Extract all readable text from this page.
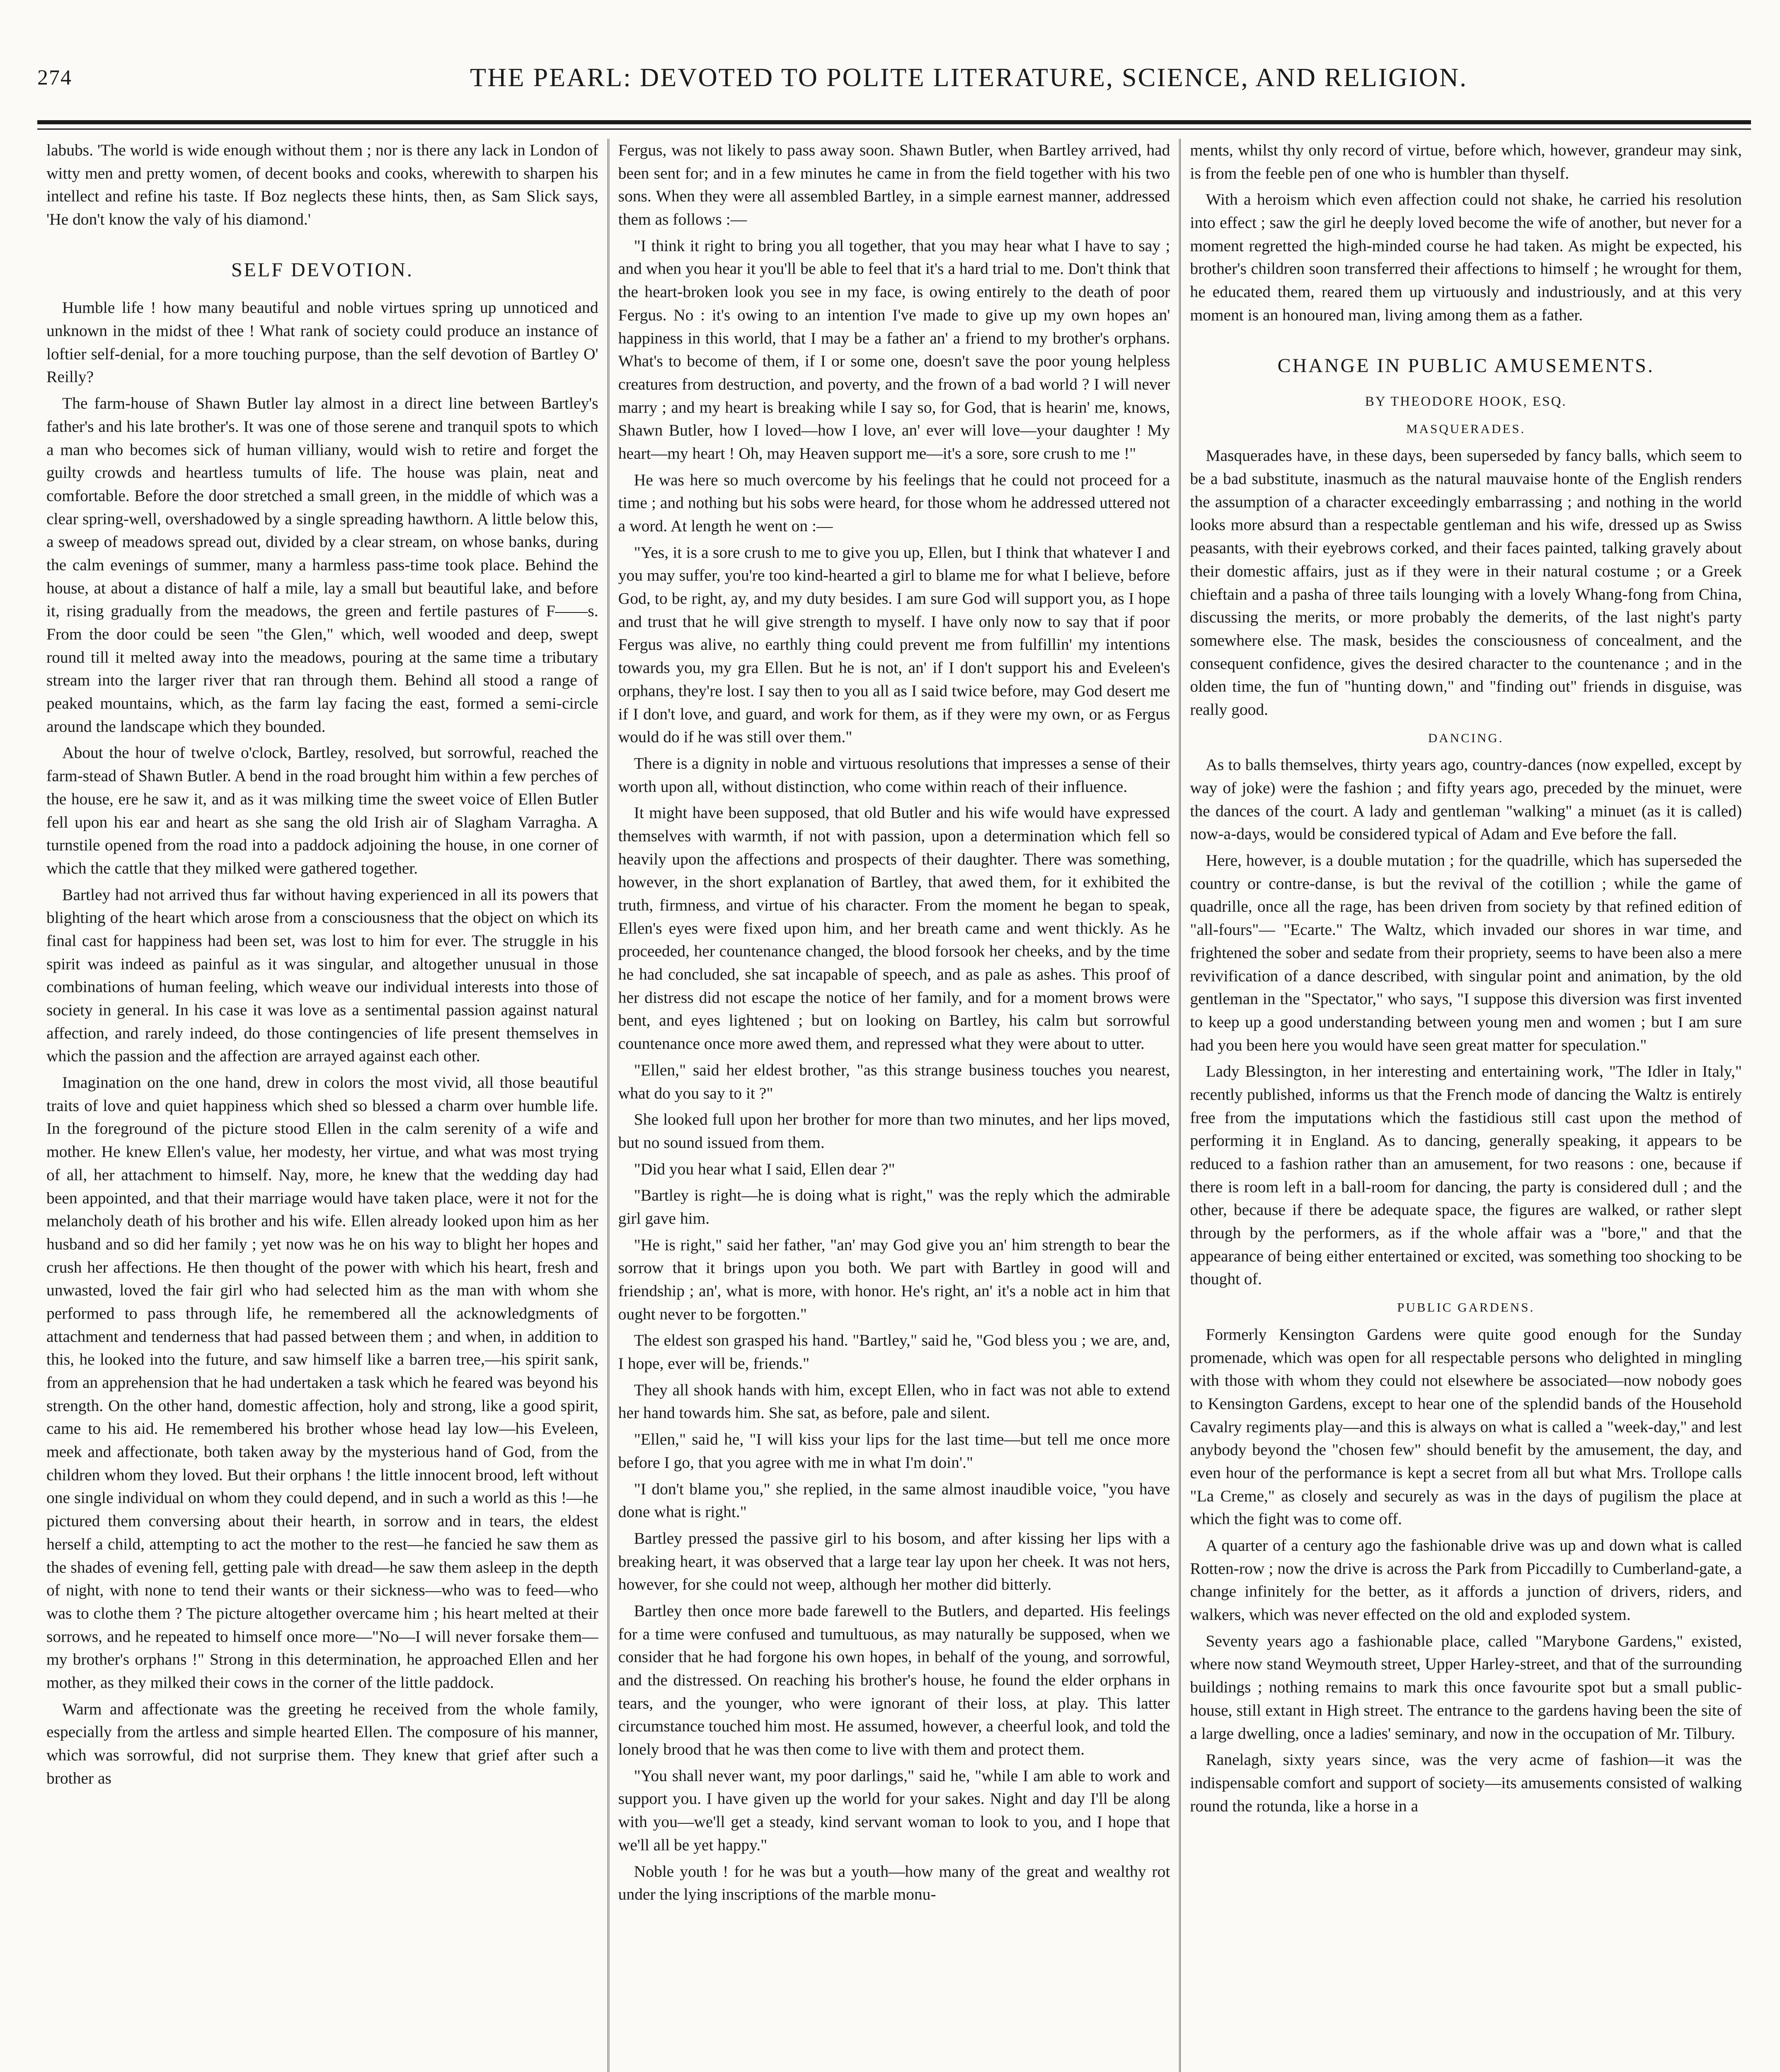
274	THE PEARL: DEVOTED TO POLITE LITERATURE, SCIENCE, AND RELIGION.

labubs. 'The world is wide enough without them ; nor is there any lack in London of witty men and pretty women, of decent books and cooks, wherewith to sharpen his intellect and refine his taste. If Boz neglects these hints, then, as Sam Slick says, 'He don't know the valy of his diamond.'

SELF DEVOTION.

Humble life ! how many beautiful and noble virtues spring up unnoticed and unknown in the midst of thee ! What rank of society could produce an instance of loftier self-denial, for a more touching purpose, than the self devotion of Bartley O' Reilly?

The farm-house of Shawn Butler lay almost in a direct line between Bartley's father's and his late brother's. It was one of those serene and tranquil spots to which a man who becomes sick of human villiany, would wish to retire and forget the guilty crowds and heartless tumults of life. The house was plain, neat and comfortable. Before the door stretched a small green, in the middle of which was a clear spring-well, overshadowed by a single spreading hawthorn. A little below this, a sweep of meadows spread out, divided by a clear stream, on whose banks, during the calm evenings of summer, many a harmless pass-time took place. Behind the house, at about a distance of half a mile, lay a small but beautiful lake, and before it, rising gradually from the meadows, the green and fertile pastures of F——s. From the door could be seen "the Glen," which, well wooded and deep, swept round till it melted away into the meadows, pouring at the same time a tributary stream into the larger river that ran through them. Behind all stood a range of peaked mountains, which, as the farm lay facing the east, formed a semi-circle around the landscape which they bounded.

About the hour of twelve o'clock, Bartley, resolved, but sorrowful, reached the farm-stead of Shawn Butler. A bend in the road brought him within a few perches of the house, ere he saw it, and as it was milking time the sweet voice of Ellen Butler fell upon his ear and heart as she sang the old Irish air of Slagham Varragha. A turnstile opened from the road into a paddock adjoining the house, in one corner of which the cattle that they milked were gathered together.

Bartley had not arrived thus far without having experienced in all its powers that blighting of the heart which arose from a consciousness that the object on which its final cast for happiness had been set, was lost to him for ever. The struggle in his spirit was indeed as painful as it was singular, and altogether unusual in those combinations of human feeling, which weave our individual interests into those of society in general. In his case it was love as a sentimental passion against natural affection, and rarely indeed, do those contingencies of life present themselves in which the passion and the affection are arrayed against each other.

Imagination on the one hand, drew in colors the most vivid, all those beautiful traits of love and quiet happiness which shed so blessed a charm over humble life. In the foreground of the picture stood Ellen in the calm serenity of a wife and mother. He knew Ellen's value, her modesty, her virtue, and what was most trying of all, her attachment to himself. Nay, more, he knew that the wedding day had been appointed, and that their marriage would have taken place, were it not for the melancholy death of his brother and his wife. Ellen already looked upon him as her husband and so did her family ; yet now was he on his way to blight her hopes and crush her affections. He then thought of the power with which his heart, fresh and unwasted, loved the fair girl who had selected him as the man with whom she performed to pass through life, he remembered all the acknowledgments of attachment and tenderness that had passed between them ; and when, in addition to this, he looked into the future, and saw himself like a barren tree,—his spirit sank, from an apprehension that he had undertaken a task which he feared was beyond his strength. On the other hand, domestic affection, holy and strong, like a good spirit, came to his aid. He remembered his brother whose head lay low—his Eveleen, meek and affectionate, both taken away by the mysterious hand of God, from the children whom they loved. But their orphans ! the little innocent brood, left without one single individual on whom they could depend, and in such a world as this !—he pictured them conversing about their hearth, in sorrow and in tears, the eldest herself a child, attempting to act the mother to the rest—he fancied he saw them as the shades of evening fell, getting pale with dread—he saw them asleep in the depth of night, with none to tend their wants or their sickness—who was to feed—who was to clothe them ? The picture altogether overcame him ; his heart melted at their sorrows, and he repeated to himself once more—"No—I will never forsake them—my brother's orphans !" Strong in this determination, he approached Ellen and her mother, as they milked their cows in the corner of the little paddock.

Warm and affectionate was the greeting he received from the whole family, especially from the artless and simple hearted Ellen. The composure of his manner, which was sorrowful, did not surprise them. They knew that grief after such a brother as

Fergus, was not likely to pass away soon. Shawn Butler, when Bartley arrived, had been sent for; and in a few minutes he came in from the field together with his two sons. When they were all assembled Bartley, in a simple earnest manner, addressed them as follows :—

"I think it right to bring you all together, that you may hear what I have to say ; and when you hear it you'll be able to feel that it's a hard trial to me. Don't think that the heart-broken look you see in my face, is owing entirely to the death of poor Fergus. No : it's owing to an intention I've made to give up my own hopes an' happiness in this world, that I may be a father an' a friend to my brother's orphans. What's to become of them, if I or some one, doesn't save the poor young helpless creatures from destruction, and poverty, and the frown of a bad world ? I will never marry ; and my heart is breaking while I say so, for God, that is hearin' me, knows, Shawn Butler, how I loved—how I love, an' ever will love—your daughter ! My heart—my heart ! Oh, may Heaven support me—it's a sore, sore crush to me !"

He was here so much overcome by his feelings that he could not proceed for a time ; and nothing but his sobs were heard, for those whom he addressed uttered not a word. At length he went on :—

"Yes, it is a sore crush to me to give you up, Ellen, but I think that whatever I and you may suffer, you're too kind-hearted a girl to blame me for what I believe, before God, to be right, ay, and my duty besides. I am sure God will support you, as I hope and trust that he will give strength to myself. I have only now to say that if poor Fergus was alive, no earthly thing could prevent me from fulfillin' my intentions towards you, my gra Ellen. But he is not, an' if I don't support his and Eveleen's orphans, they're lost. I say then to you all as I said twice before, may God desert me if I don't love, and guard, and work for them, as if they were my own, or as Fergus would do if he was still over them."

There is a dignity in noble and virtuous resolutions that impresses a sense of their worth upon all, without distinction, who come within reach of their influence.

It might have been supposed, that old Butler and his wife would have expressed themselves with warmth, if not with passion, upon a determination which fell so heavily upon the affections and prospects of their daughter. There was something, however, in the short explanation of Bartley, that awed them, for it exhibited the truth, firmness, and virtue of his character. From the moment he began to speak, Ellen's eyes were fixed upon him, and her breath came and went thickly. As he proceeded, her countenance changed, the blood forsook her cheeks, and by the time he had concluded, she sat incapable of speech, and as pale as ashes. This proof of her distress did not escape the notice of her family, and for a moment brows were bent, and eyes lightened ; but on looking on Bartley, his calm but sorrowful countenance once more awed them, and repressed what they were about to utter.

"Ellen," said her eldest brother, "as this strange business touches you nearest, what do you say to it ?"

She looked full upon her brother for more than two minutes, and her lips moved, but no sound issued from them.

"Did you hear what I said, Ellen dear ?"

"Bartley is right—he is doing what is right," was the reply which the admirable girl gave him.

"He is right," said her father, "an' may God give you an' him strength to bear the sorrow that it brings upon you both. We part with Bartley in good will and friendship ; an', what is more, with honor. He's right, an' it's a noble act in him that ought never to be forgotten."

The eldest son grasped his hand. "Bartley," said he, "God bless you ; we are, and, I hope, ever will be, friends."

They all shook hands with him, except Ellen, who in fact was not able to extend her hand towards him. She sat, as before, pale and silent.

"Ellen," said he, "I will kiss your lips for the last time—but tell me once more before I go, that you agree with me in what I'm doin'."

"I don't blame you," she replied, in the same almost inaudible voice, "you have done what is right."

Bartley pressed the passive girl to his bosom, and after kissing her lips with a breaking heart, it was observed that a large tear lay upon her cheek. It was not hers, however, for she could not weep, although her mother did bitterly.

Bartley then once more bade farewell to the Butlers, and departed. His feelings for a time were confused and tumultuous, as may naturally be supposed, when we consider that he had forgone his own hopes, in behalf of the young, and sorrowful, and the distressed. On reaching his brother's house, he found the elder orphans in tears, and the younger, who were ignorant of their loss, at play. This latter circumstance touched him most. He assumed, however, a cheerful look, and told the lonely brood that he was then come to live with them and protect them.

"You shall never want, my poor darlings," said he, "while I am able to work and support you. I have given up the world for your sakes. Night and day I'll be along with you—we'll get a steady, kind servant woman to look to you, and I hope that we'll all be yet happy."

Noble youth ! for he was but a youth—how many of the great and wealthy rot under the lying inscriptions of the marble monu-

ments, whilst thy only record of virtue, before which, however, grandeur may sink, is from the feeble pen of one who is humbler than thyself.

With a heroism which even affection could not shake, he carried his resolution into effect ; saw the girl he deeply loved become the wife of another, but never for a moment regretted the high-minded course he had taken. As might be expected, his brother's children soon transferred their affections to himself ; he wrought for them, he educated them, reared them up virtuously and industriously, and at this very moment is an honoured man, living among them as a father.

CHANGE IN PUBLIC AMUSEMENTS.
BY THEODORE HOOK, ESQ.
MASQUERADES.

Masquerades have, in these days, been superseded by fancy balls, which seem to be a bad substitute, inasmuch as the natural mauvaise honte of the English renders the assumption of a character exceedingly embarrassing ; and nothing in the world looks more absurd than a respectable gentleman and his wife, dressed up as Swiss peasants, with their eyebrows corked, and their faces painted, talking gravely about their domestic affairs, just as if they were in their natural costume ; or a Greek chieftain and a pasha of three tails lounging with a lovely Whang-fong from China, discussing the merits, or more probably the demerits, of the last night's party somewhere else. The mask, besides the consciousness of concealment, and the consequent confidence, gives the desired character to the countenance ; and in the olden time, the fun of "hunting down," and "finding out" friends in disguise, was really good.

DANCING.

As to balls themselves, thirty years ago, country-dances (now expelled, except by way of joke) were the fashion ; and fifty years ago, preceded by the minuet, were the dances of the court. A lady and gentleman "walking" a minuet (as it is called) now-a-days, would be considered typical of Adam and Eve before the fall.

Here, however, is a double mutation ; for the quadrille, which has superseded the country or contre-danse, is but the revival of the cotillion ; while the game of quadrille, once all the rage, has been driven from society by that refined edition of "all-fours"— "Ecarte." The Waltz, which invaded our shores in war time, and frightened the sober and sedate from their propriety, seems to have been also a mere revivification of a dance described, with singular point and animation, by the old gentleman in the "Spectator," who says, "I suppose this diversion was first invented to keep up a good understanding between young men and women ; but I am sure had you been here you would have seen great matter for speculation."

Lady Blessington, in her interesting and entertaining work, "The Idler in Italy," recently published, informs us that the French mode of dancing the Waltz is entirely free from the imputations which the fastidious still cast upon the method of performing it in England. As to dancing, generally speaking, it appears to be reduced to a fashion rather than an amusement, for two reasons : one, because if there is room left in a ball-room for dancing, the party is considered dull ; and the other, because if there be adequate space, the figures are walked, or rather slept through by the performers, as if the whole affair was a "bore," and that the appearance of being either entertained or excited, was something too shocking to be thought of.

PUBLIC GARDENS.

Formerly Kensington Gardens were quite good enough for the Sunday promenade, which was open for all respectable persons who delighted in mingling with those with whom they could not elsewhere be associated—now nobody goes to Kensington Gardens, except to hear one of the splendid bands of the Household Cavalry regiments play—and this is always on what is called a "week-day," and lest anybody beyond the "chosen few" should benefit by the amusement, the day, and even hour of the performance is kept a secret from all but what Mrs. Trollope calls "La Creme," as closely and securely as was in the days of pugilism the place at which the fight was to come off.

A quarter of a century ago the fashionable drive was up and down what is called Rotten-row ; now the drive is across the Park from Piccadilly to Cumberland-gate, a change infinitely for the better, as it affords a junction of drivers, riders, and walkers, which was never effected on the old and exploded system.

Seventy years ago a fashionable place, called "Marybone Gardens," existed, where now stand Weymouth street, Upper Harley-street, and that of the surrounding buildings ; nothing remains to mark this once favourite spot but a small public-house, still extant in High street. The entrance to the gardens having been the site of a large dwelling, once a ladies' seminary, and now in the occupation of Mr. Tilbury.

Ranelagh, sixty years since, was the very acme of fashion—it was the indispensable comfort and support of society—its amusements consisted of walking round the rotunda, like a horse in a
